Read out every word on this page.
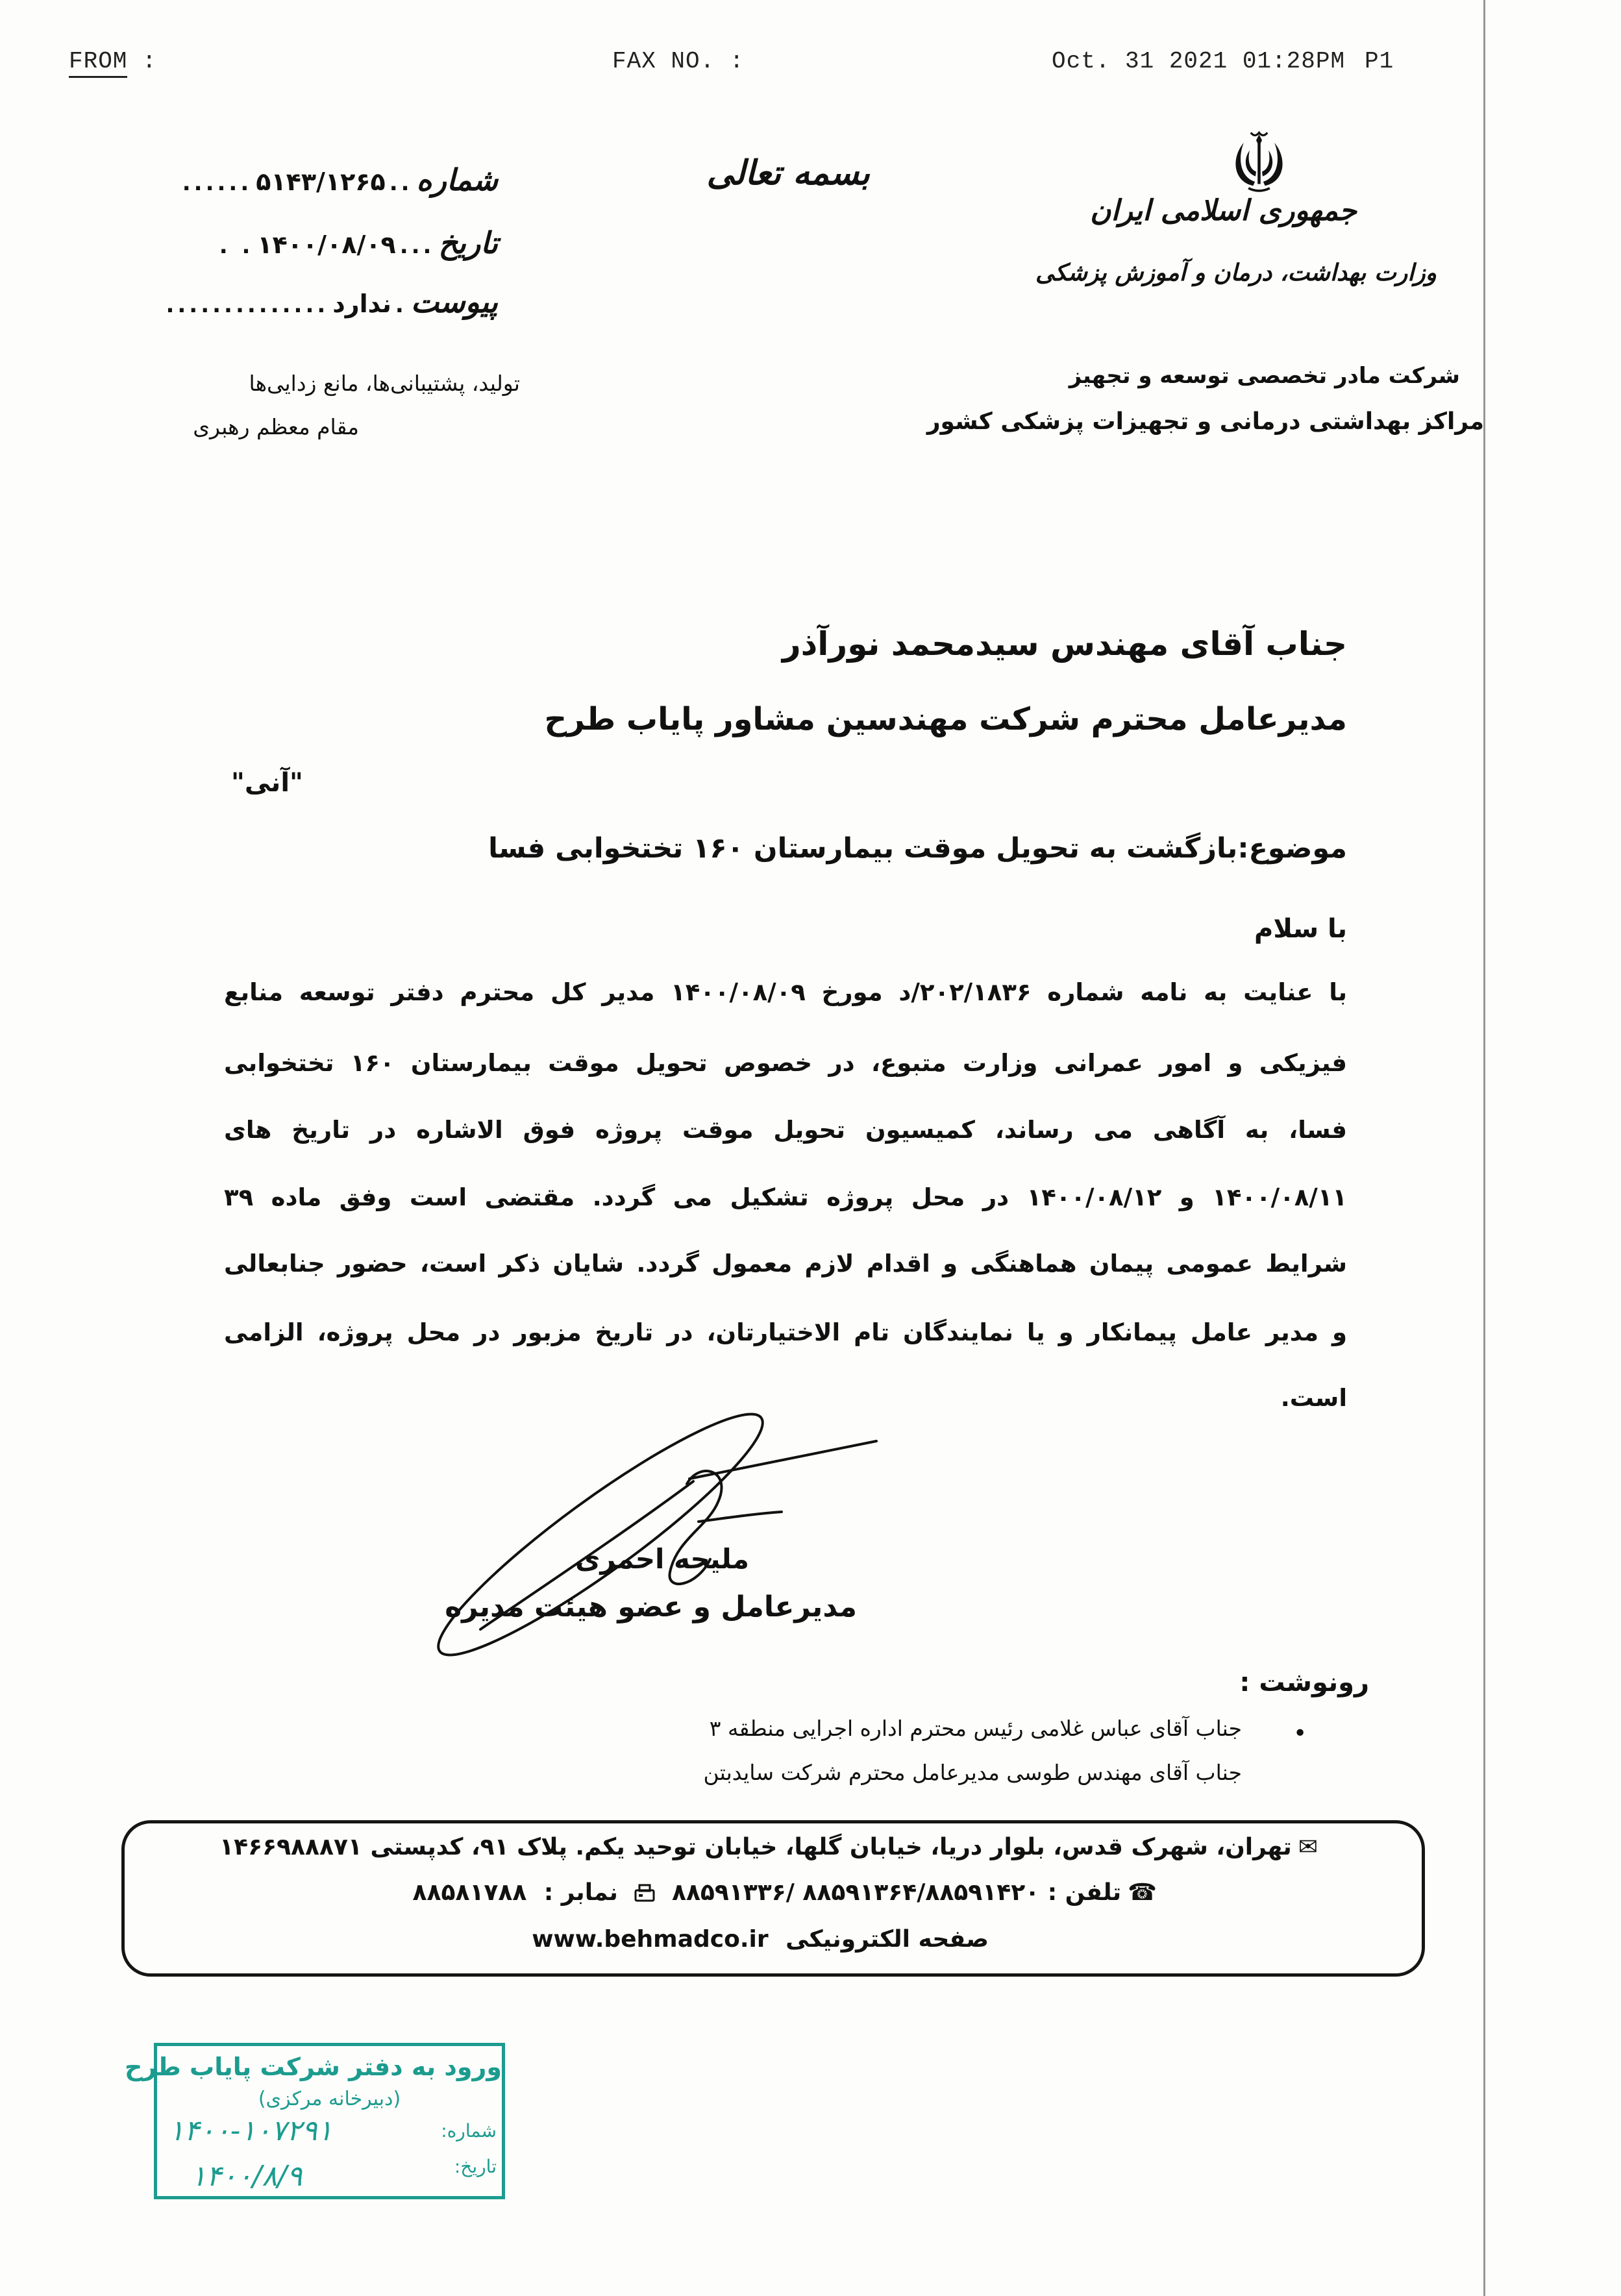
FROM :	FAX NO. :	Oct. 31 2021 01:28PM P1
جمهوری اسلامی ایران
وزارت بهداشت، درمان و آموزش پزشکی
شرکت مادر تخصصی توسعه و تجهیز
مراکز بهداشتی درمانی و تجهیزات پزشکی کشور
بسمه تعالی
شماره
..
۵۱۴۳/۱۲۶۵
......
تاریخ
...
۱۴۰۰/۰۸/۰۹
. .
پیوست
.
ندارد
..............
تولید، پشتیبانی‌ها، مانع زدایی‌ها
مقام معظم رهبری
جناب آقای مهندس سیدمحمد نورآذر
مدیرعامل محترم شرکت مهندسین مشاور پایاب طرح
"آنی"
موضوع:بازگشت به تحویل موقت بیمارستان ۱۶۰ تختخوابی فسا
با سلام
با عنایت به نامه شماره ۲۰۲/۱۸۳۶/د مورخ ۱۴۰۰/۰۸/۰۹ مدیر کل محترم دفتر توسعه منابع
فیزیکی و امور عمرانی وزارت متبوع، در خصوص تحویل موقت بیمارستان ۱۶۰ تختخوابی
فسا، به آگاهی می رساند، کمیسیون تحویل موقت پروژه فوق الاشاره در تاریخ های
۱۴۰۰/۰۸/۱۱ و ۱۴۰۰/۰۸/۱۲ در محل پروژه تشکیل می گردد. مقتضی است وفق ماده ۳۹
شرایط عمومی پیمان هماهنگی و اقدام لازم معمول گردد. شایان ذکر است، حضور جنابعالی
و مدیر عامل پیمانکار و یا نمایندگان تام الاختیارتان، در تاریخ مزبور در محل پروژه، الزامی
است.
ملیحه احمری
مدیرعامل و عضو هیئت مدیره
رونوشت :
•
جناب آقای عباس غلامی رئیس محترم اداره اجرایی منطقه ۳
جناب آقای مهندس طوسی مدیرعامل محترم شرکت سایدبتن
✉تهران، شهرک قدس، بلوار دریا، خیابان گلها، خیابان توحید یکم. پلاک ۹۱، کدپستی ۱۴۶۶۹۸۸۸۷۱
☎تلفن : ۸۸۵۹۱۳۳۶/ ۸۸۵۹۱۳۶۴/۸۸۵۹۱۴۲۰  نمابر : ۸۸۵۸۱۷۸۸
صفحه الکترونیکی www.behmadco.ir
ورود به دفتر شرکت پایاب طرح
(دبیرخانه مرکزی)
شماره:
۱۴۰۰-۱۰۷۲۹۱
تاریخ:
۱۴۰۰/۸/۹
